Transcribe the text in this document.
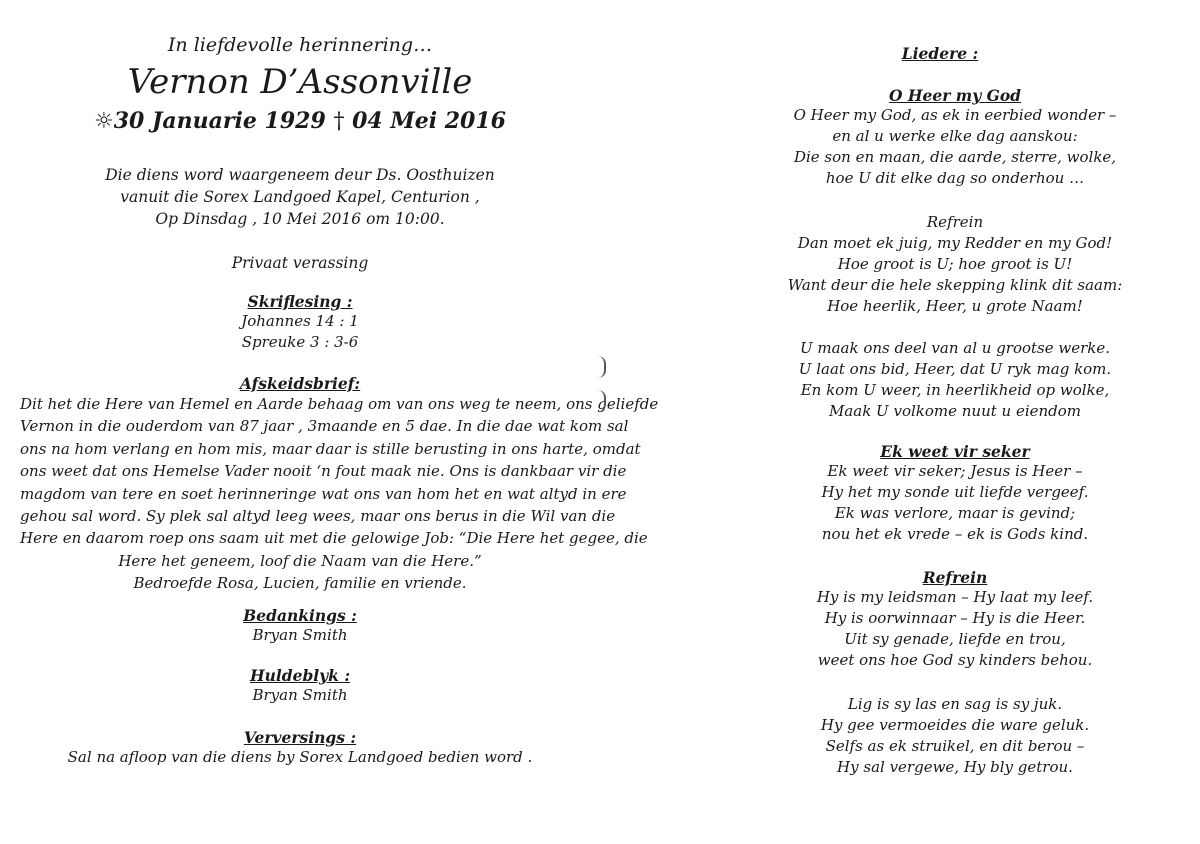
In liefdevolle herinnering…
Vernon D’Assonville
☼30 Januarie 1929 † 04 Mei 2016
Die diens word waargeneem deur Ds. Oosthuizen
vanuit die Sorex Landgoed Kapel, Centurion ,
Op Dinsdag , 10 Mei 2016 om 10:00.
Privaat verassing
Skriflesing :
Johannes 14 : 1
Spreuke 3 : 3-6
Afskeidsbrief:
Dit het die Here van Hemel en Aarde behaag om van ons weg te neem, ons geliefde
Vernon in die ouderdom van 87 jaar , 3maande en 5 dae. In die dae wat kom sal
ons na hom verlang en hom mis, maar daar is stille berusting in ons harte, omdat
ons weet dat ons Hemelse Vader nooit ‘n fout maak nie. Ons is dankbaar vir die
magdom van tere en soet herinneringe wat ons van hom het en wat altyd in ere
gehou sal word. Sy plek sal altyd leeg wees, maar ons berus in die Wil van die
Here en daarom roep ons saam uit met die gelowige Job: “Die Here het gegee, die
Here het geneem, loof die Naam van die Here.”
Bedroefde Rosa, Lucien, familie en vriende.
Bedankings :
Bryan Smith
Huldeblyk :
Bryan Smith
Verversings :
Sal na afloop van die diens by Sorex Landgoed bedien word .
Liedere :
O Heer my God
O Heer my God, as ek in eerbied wonder –
en al u werke elke dag aanskou:
Die son en maan, die aarde, sterre, wolke,
hoe U dit elke dag so onderhou …
Refrein
Dan moet ek juig, my Redder en my God!
Hoe groot is U; hoe groot is U!
Want deur die hele skepping klink dit saam:
Hoe heerlik, Heer, u grote Naam!
U maak ons deel van al u grootse werke.
U laat ons bid, Heer, dat U ryk mag kom.
En kom U weer, in heerlikheid op wolke,
Maak U volkome nuut u eiendom
Ek weet vir seker
Ek weet vir seker; Jesus is Heer –
Hy het my sonde uit liefde vergeef.
Ek was verlore, maar is gevind;
nou het ek vrede – ek is Gods kind.
Refrein
Hy is my leidsman – Hy laat my leef.
Hy is oorwinnaar – Hy is die Heer.
Uit sy genade, liefde en trou,
weet ons hoe God sy kinders behou.
Lig is sy las en sag is sy juk.
Hy gee vermoeides die ware geluk.
Selfs as ek struikel, en dit berou –
Hy sal vergewe, Hy bly getrou.
